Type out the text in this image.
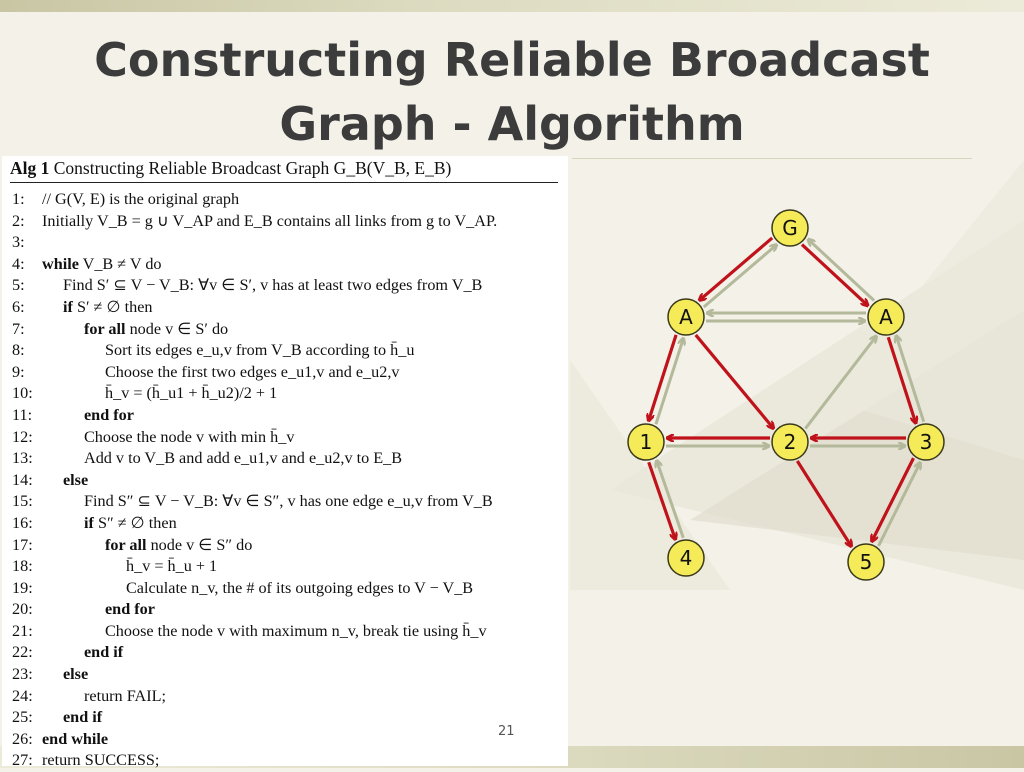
Constructing Reliable Broadcast
Graph - Algorithm
Alg 1 Constructing Reliable Broadcast Graph G_B(V_B, E_B)
1:	// G(V, E) is the original graph
2:	Initially V_B = g ∪ V_AP and E_B contains all links from g to V_AP.
3:
4:	while V_B ≠ V do
5:	Find S′ ⊆ V − V_B: ∀v ∈ S′, v has at least two edges from V_B
6:	if S′ ≠ ∅ then
7:	for all node v ∈ S′ do
8:	Sort its edges e_u,v from V_B according to h̄_u
9:	Choose the first two edges e_u1,v and e_u2,v
10:	h̄_v = (h̄_u1 + h̄_u2)/2 + 1
11:	end for
12:	Choose the node v with min h̄_v
13:	Add v to V_B and add e_u1,v and e_u2,v to E_B
14:	else
15:	Find S″ ⊆ V − V_B: ∀v ∈ S″, v has one edge e_u,v from V_B
16:	if S″ ≠ ∅ then
17:	for all node v ∈ S″ do
18:	h̄_v = h̄_u + 1
19:	Calculate n_v, the # of its outgoing edges to V − V_B
20:	end for
21:	Choose the node v with maximum n_v, break tie using h̄_v
22:	end if
23:	else
24:	return FAIL;
25:	end if
26: end while
27: return SUCCESS;
21
G
A	A
1	2	3
4	5
